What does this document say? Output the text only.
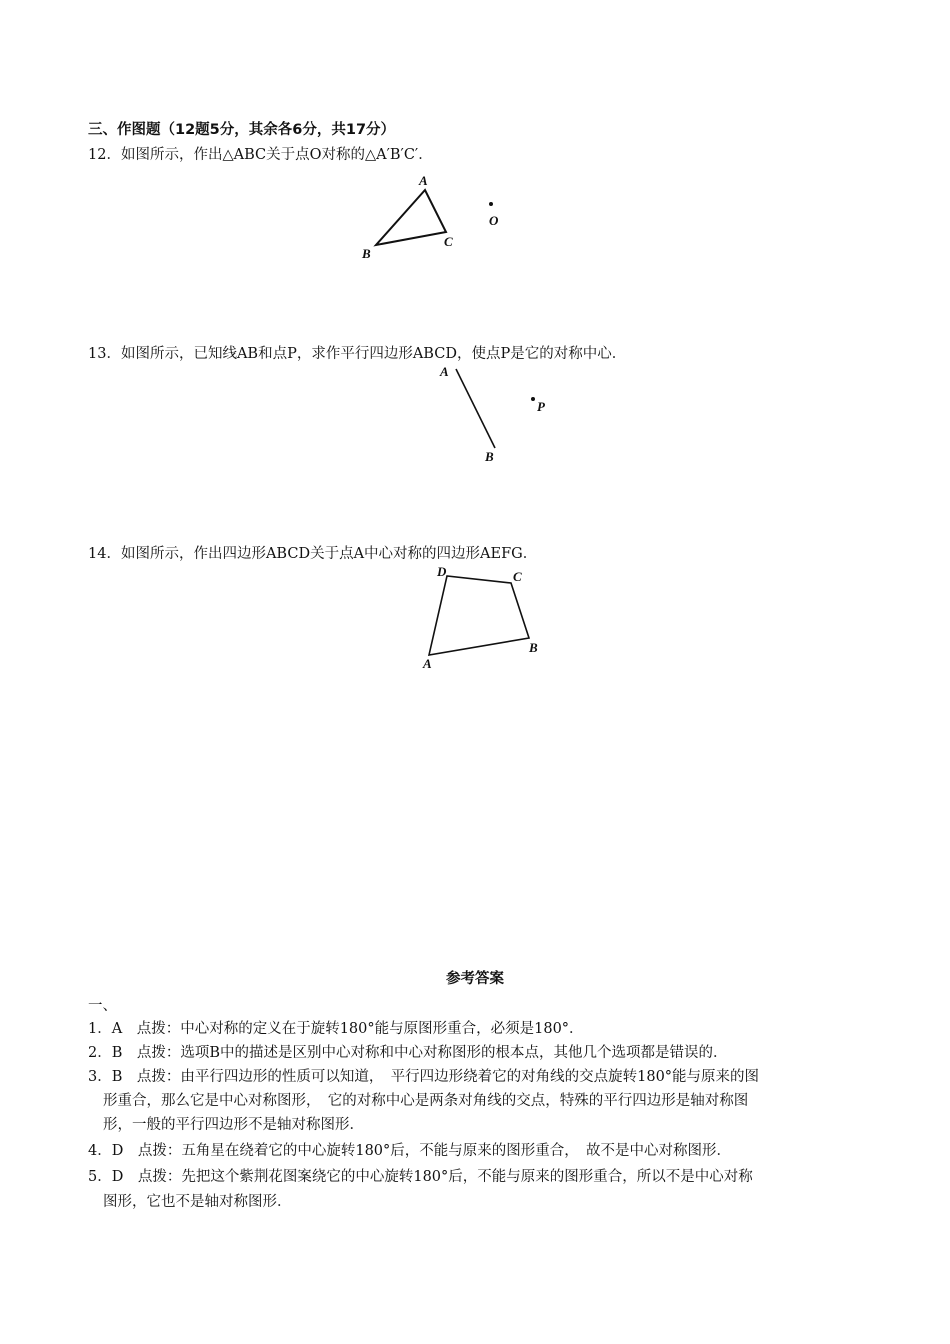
三、作图题（12题5分，其余各6分，共17分）
12．如图所示，作出△ABC关于点O对称的△A′B′C′．
A
B
C
O
13．如图所示，已知线AB和点P，求作平行四边形ABCD，使点P是它的对称中心．
A
B
P
14．如图所示，作出四边形ABCD关于点A中心对称的四边形AEFG．
A
B
C
D
参考答案
一、
1．A　点拨：中心对称的定义在于旋转180°能与原图形重合，必须是180°．
2．B　点拨：选项B中的描述是区别中心对称和中心对称图形的根本点，其他几个选项都是错误的．
3．B　点拨：由平行四边形的性质可以知道，　平行四边形绕着它的对角线的交点旋转180°能与原来的图
形重合，那么它是中心对称图形，　它的对称中心是两条对角线的交点，特殊的平行四边形是轴对称图
形，一般的平行四边形不是轴对称图形．
4．D　点拨：五角星在绕着它的中心旋转180°后，不能与原来的图形重合，　故不是中心对称图形．
5．D　点拨：先把这个紫荆花图案绕它的中心旋转180°后，不能与原来的图形重合，所以不是中心对称
图形，它也不是轴对称图形．
